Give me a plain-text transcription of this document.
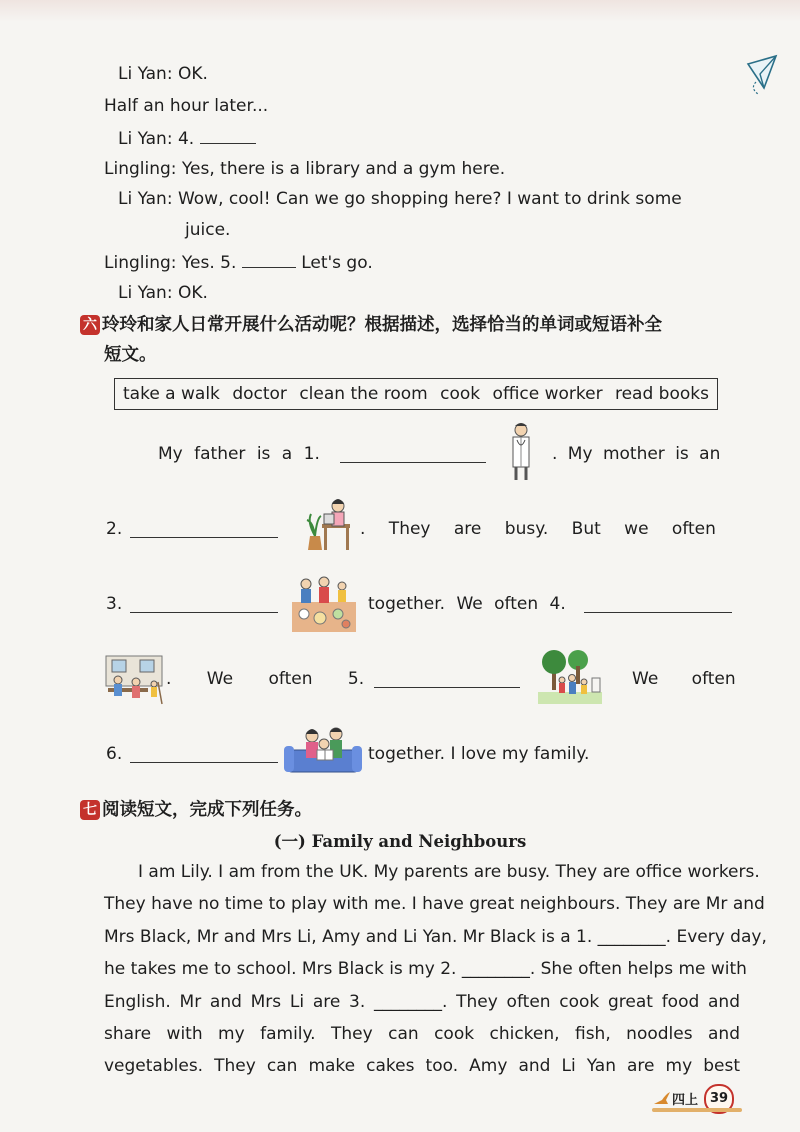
Li Yan: OK.
Half an hour later...
Li Yan: 4.
Lingling: Yes, there is a library and a gym here.
Li Yan: Wow, cool! Can we go shopping here? I want to drink some
juice.
Lingling: Yes. 5.	Let's go.
Li Yan: OK.
六 玲玲和家人日常开展什么活动呢？根据描述，选择恰当的单词或短语补全
短文。
take a walk doctor clean the room cook office worker read books
My father is a 1.	. My mother is an
2.	. They are busy. But we often
3.	together. We often 4.
. We often 5.	We often
6.	together. I love my family.
七 阅读短文，完成下列任务。
(一) Family and Neighbours
I am Lily. I am from the UK. My parents are busy. They are office workers.
They have no time to play with me. I have great neighbours. They are Mr and
Mrs Black, Mr and Mrs Li, Amy and Li Yan. Mr Black is a 1. ________. Every day,
he takes me to school. Mrs Black is my 2. ________. She often helps me with
English. Mr and Mrs Li are 3. ________. They often cook great food and
share with my family. They can cook chicken, fish, noodles and
vegetables. They can make cakes too. Amy and Li Yan are my best
四上 39
